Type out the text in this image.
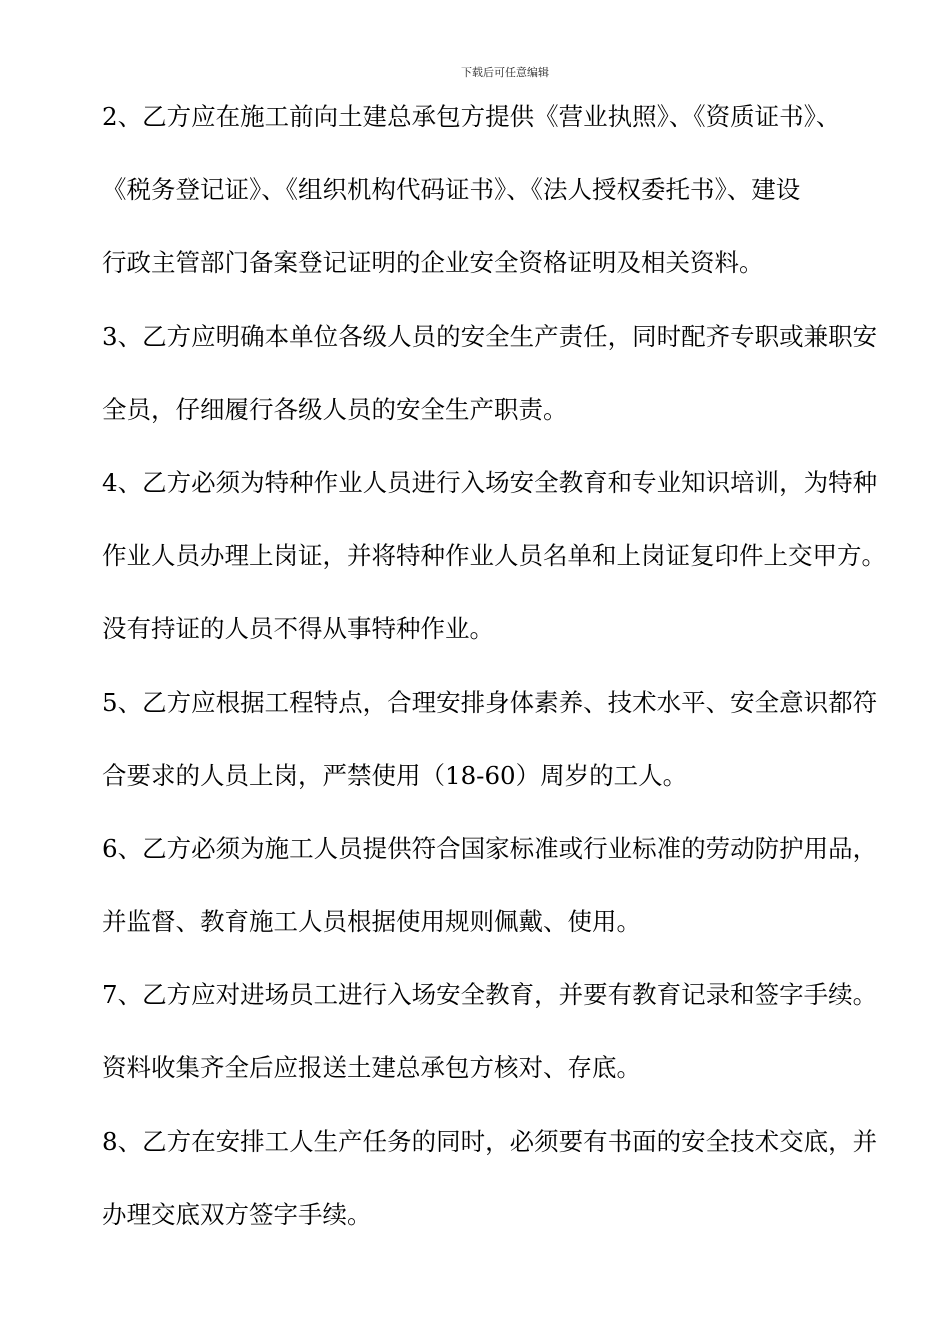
下载后可任意编辑
2、乙方应在施工前向土建总承包方提供《营业执照》、《资质证书》、
《税务登记证》、《组织机构代码证书》、《法人授权委托书》、建设
行政主管部门备案登记证明的企业安全资格证明及相关资料。
3、乙方应明确本单位各级人员的安全生产责任，同时配齐专职或兼职安
全员，仔细履行各级人员的安全生产职责。
4、乙方必须为特种作业人员进行入场安全教育和专业知识培训，为特种
作业人员办理上岗证，并将特种作业人员名单和上岗证复印件上交甲方。
没有持证的人员不得从事特种作业。
5、乙方应根据工程特点，合理安排身体素养、技术水平、安全意识都符
合要求的人员上岗，严禁使用（18-60）周岁的工人。
6、乙方必须为施工人员提供符合国家标准或行业标准的劳动防护用品，
并监督、教育施工人员根据使用规则佩戴、使用。
7、乙方应对进场员工进行入场安全教育，并要有教育记录和签字手续。
资料收集齐全后应报送土建总承包方核对、存底。
8、乙方在安排工人生产任务的同时，必须要有书面的安全技术交底，并
办理交底双方签字手续。
